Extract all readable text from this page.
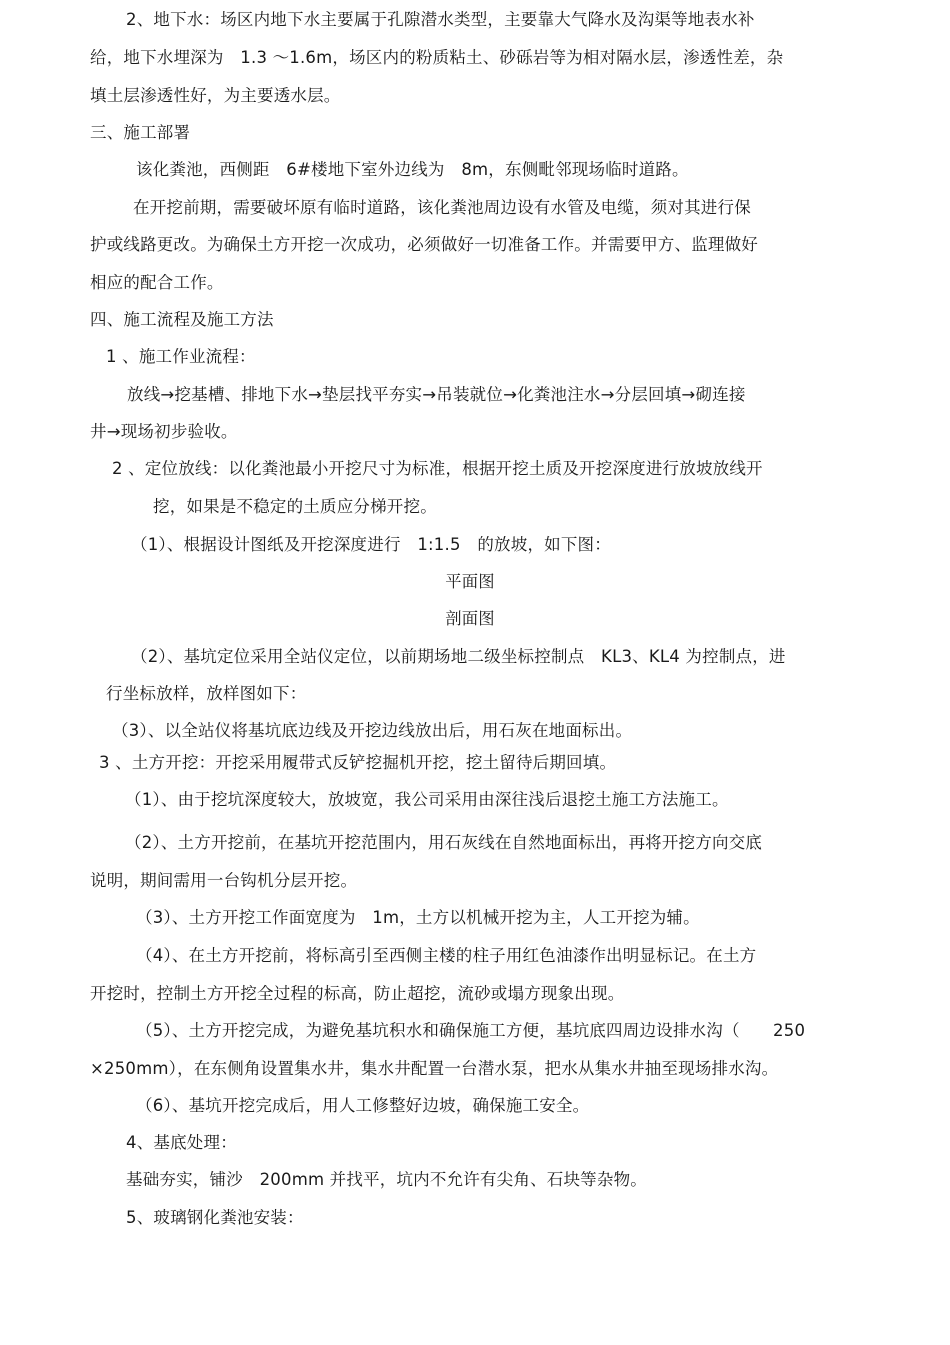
2、地下水：场区内地下水主要属于孔隙潜水类型，主要靠大气降水及沟渠等地表水补
给，地下水埋深为　1.3 ～1.6m，场区内的粉质粘土、砂砾岩等为相对隔水层，渗透性差，杂
填土层渗透性好，为主要透水层。
三、施工部署
该化粪池，西侧距　6#楼地下室外边线为　8m，东侧毗邻现场临时道路。
在开挖前期，需要破坏原有临时道路，该化粪池周边设有水管及电缆，须对其进行保
护或线路更改。为确保土方开挖一次成功，必须做好一切准备工作。并需要甲方、监理做好
相应的配合工作。
四、施工流程及施工方法
1 、施工作业流程：
放线→挖基槽、排地下水→垫层找平夯实→吊装就位→化粪池注水→分层回填→砌连接
井→现场初步验收。
2 、定位放线：以化粪池最小开挖尺寸为标准，根据开挖土质及开挖深度进行放坡放线开
挖，如果是不稳定的土质应分梯开挖。
（1）、根据设计图纸及开挖深度进行　1:1.5　的放坡，如下图：
平面图
剖面图
（2）、基坑定位采用全站仪定位，以前期场地二级坐标控制点　KL3、KL4 为控制点，进
行坐标放样，放样图如下：
（3）、以全站仪将基坑底边线及开挖边线放出后，用石灰在地面标出。
3 、土方开挖：开挖采用履带式反铲挖掘机开挖，挖土留待后期回填。
（1）、由于挖坑深度较大，放坡宽，我公司采用由深往浅后退挖土施工方法施工。
（2）、土方开挖前，在基坑开挖范围内，用石灰线在自然地面标出，再将开挖方向交底
说明，期间需用一台钩机分层开挖。
（3）、土方开挖工作面宽度为　1m，土方以机械开挖为主，人工开挖为辅。
（4）、在土方开挖前，将标高引至西侧主楼的柱子用红色油漆作出明显标记。在土方
开挖时，控制土方开挖全过程的标高，防止超挖，流砂或塌方现象出现。
（5）、土方开挖完成，为避免基坑积水和确保施工方便，基坑底四周边设排水沟（　　250
×250mm），在东侧角设置集水井，集水井配置一台潜水泵，把水从集水井抽至现场排水沟。
（6）、基坑开挖完成后，用人工修整好边坡，确保施工安全。
4、基底处理：
基础夯实，铺沙　200mm 并找平，坑内不允许有尖角、石块等杂物。
5、玻璃钢化粪池安装：
